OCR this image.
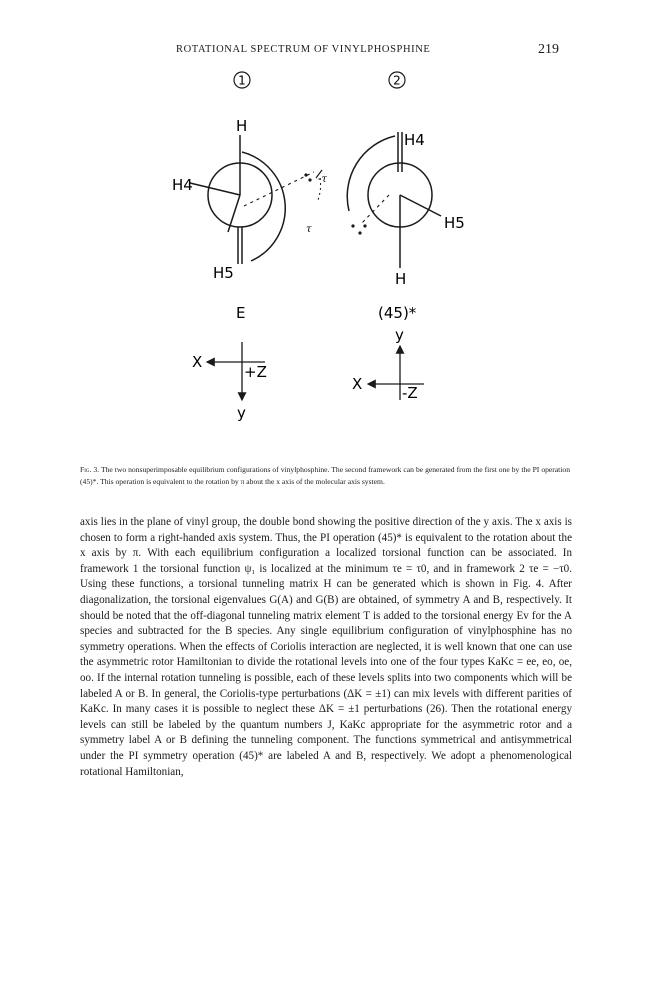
ROTATIONAL SPECTRUM OF VINYLPHOSPHINE	219
1	2
H
H4
H5
τ
-τ
E
H4
H5
H
(45)*
X
+Z
y
y
X	-Z
Fig. 3. The two nonsuperimposable equilibrium configurations of vinylphosphine. The second framework can be generated from the first one by the PI operation (45)*. This operation is equivalent to the rotation by π about the x axis of the molecular axis system.

axis lies in the plane of vinyl group, the double bond showing the positive direction of the y axis. The x axis is chosen to form a right-handed axis system. Thus, the PI operation (45)* is equivalent to the rotation about the x axis by π. With each equilibrium configuration a localized torsional function can be associated. In framework 1 the torsional function ψ₁ is localized at the minimum τe = τ0, and in framework 2 τe = −τ0. Using these functions, a torsional tunneling matrix H can be generated which is shown in Fig. 4. After diagonalization, the torsional eigenvalues G(A) and G(B) are obtained, of symmetry A and B, respectively. It should be noted that the off-diagonal tunneling matrix element T is added to the torsional energy Ev for the A species and subtracted for the B species. Any single equilibrium configuration of vinylphosphine has no symmetry operations. When the effects of Coriolis interaction are neglected, it is well known that one can use the asymmetric rotor Hamiltonian to divide the rotational levels into one of the four types KaKc = ee, eo, oe, oo. If the internal rotation tunneling is possible, each of these levels splits into two components which will be labeled A or B. In general, the Coriolis-type perturbations (ΔK = ±1) can mix levels with different parities of KaKc. In many cases it is possible to neglect these ΔK = ±1 perturbations (26). Then the rotational energy levels can still be labeled by the quantum numbers J, KaKc appropriate for the asymmetric rotor and a symmetry label A or B defining the tunneling component. The functions symmetrical and antisymmetrical under the PI symmetry operation (45)* are labeled A and B, respectively. We adopt a phenomenological rotational Hamiltonian,
